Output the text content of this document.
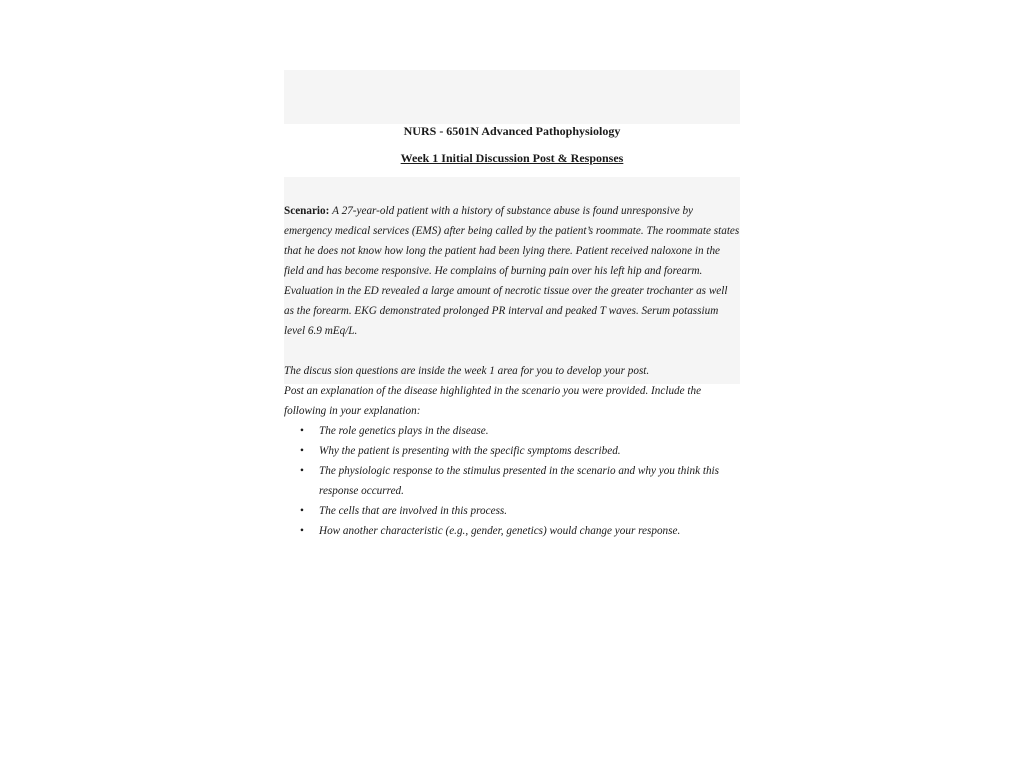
NURS - 6501N Advanced Pathophysiology

Week 1 Initial Discussion Post & Responses

Scenario: A 27-year-old patient with a history of substance abuse is found unresponsive by emergency medical services (EMS) after being called by the patient’s roommate. The roommate states that he does not know how long the patient had been lying there. Patient received naloxone in the field and has become responsive. He complains of burning pain over his left hip and forearm. Evaluation in the ED revealed a large amount of necrotic tissue over the greater trochanter as well as the forearm. EKG demonstrated prolonged PR interval and peaked T waves. Serum potassium level 6.9 mEq/L.

The discus sion questions are inside the week 1 area for you to develop your post.

Post an explanation of the disease highlighted in the scenario you were provided. Include the following in your explanation:

• The role genetics plays in the disease.
• Why the patient is presenting with the specific symptoms described.
• The physiologic response to the stimulus presented in the scenario and why you think this response occurred.
• The cells that are involved in this process.
• How another characteristic (e.g., gender, genetics) would change your response.
